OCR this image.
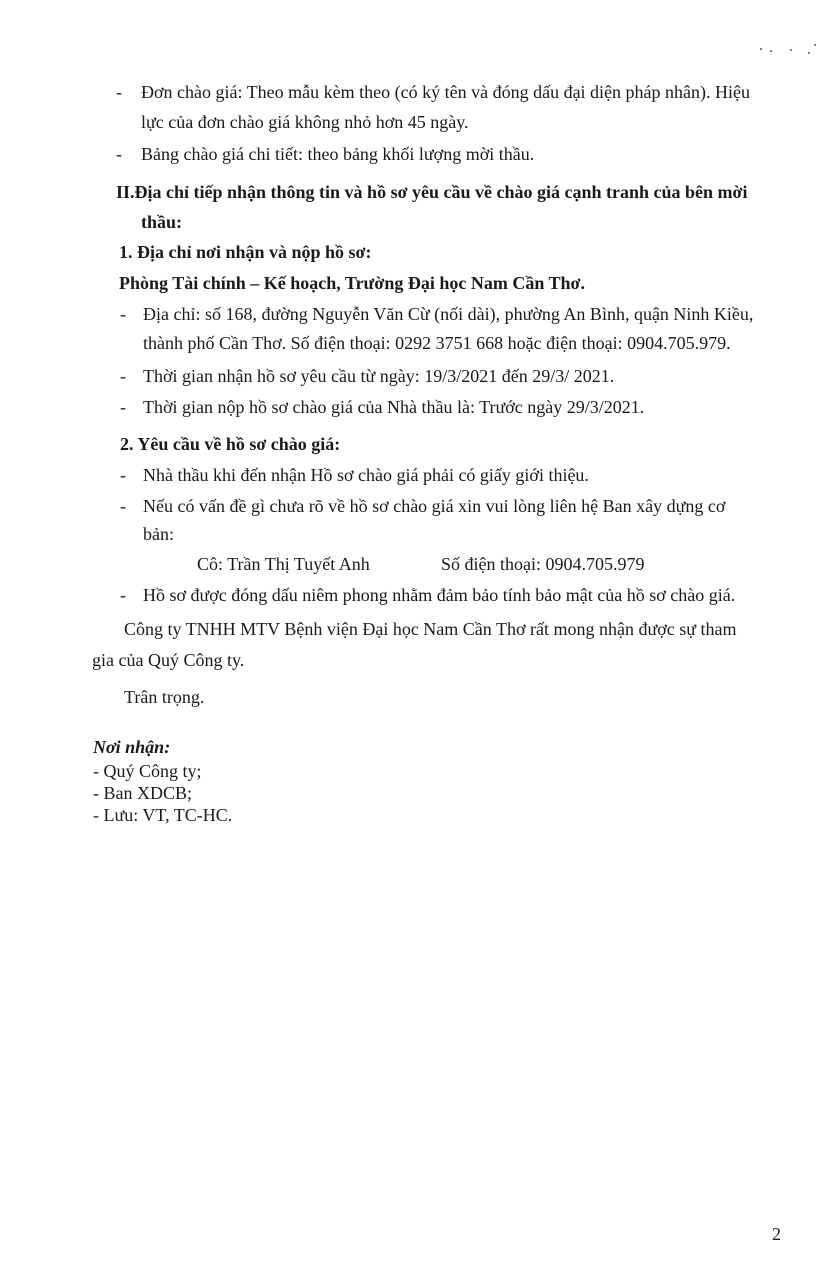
- Đơn chào giá: Theo mẫu kèm theo (có ký tên và đóng dấu đại diện pháp nhân). Hiệu
lực của đơn chào giá không nhỏ hơn 45 ngày.
- Bảng chào giá chi tiết: theo bảng khối lượng mời thầu.
II.Địa chỉ tiếp nhận thông tin và hồ sơ yêu cầu về chào giá cạnh tranh của bên mời
thầu:
1. Địa chỉ nơi nhận và nộp hồ sơ:
Phòng Tài chính – Kế hoạch, Trường Đại học Nam Cần Thơ.
- Địa chỉ: số 168, đường Nguyễn Văn Cừ (nối dài), phường An Bình, quận Ninh Kiều,
thành phố Cần Thơ. Số điện thoại: 0292 3751 668 hoặc điện thoại: 0904.705.979.
- Thời gian nhận hồ sơ yêu cầu từ ngày: 19/3/2021 đến 29/3/ 2021.
- Thời gian nộp hồ sơ chào giá của Nhà thầu là: Trước ngày 29/3/2021.
2. Yêu cầu về hồ sơ chào giá:
- Nhà thầu khi đến nhận Hồ sơ chào giá phải có giấy giới thiệu.
- Nếu có vấn đề gì chưa rõ về hồ sơ chào giá xin vui lòng liên hệ Ban xây dựng cơ
bản:
Cô: Trần Thị Tuyết Anh	Số điện thoại: 0904.705.979
- Hồ sơ được đóng dấu niêm phong nhằm đảm bảo tính bảo mật của hồ sơ chào giá.
Công ty TNHH MTV Bệnh viện Đại học Nam Cần Thơ rất mong nhận được sự tham
gia của Quý Công ty.
Trân trọng.
Nơi nhận:
- Quý Công ty;
- Ban XDCB;
- Lưu: VT, TC-HC.
2
